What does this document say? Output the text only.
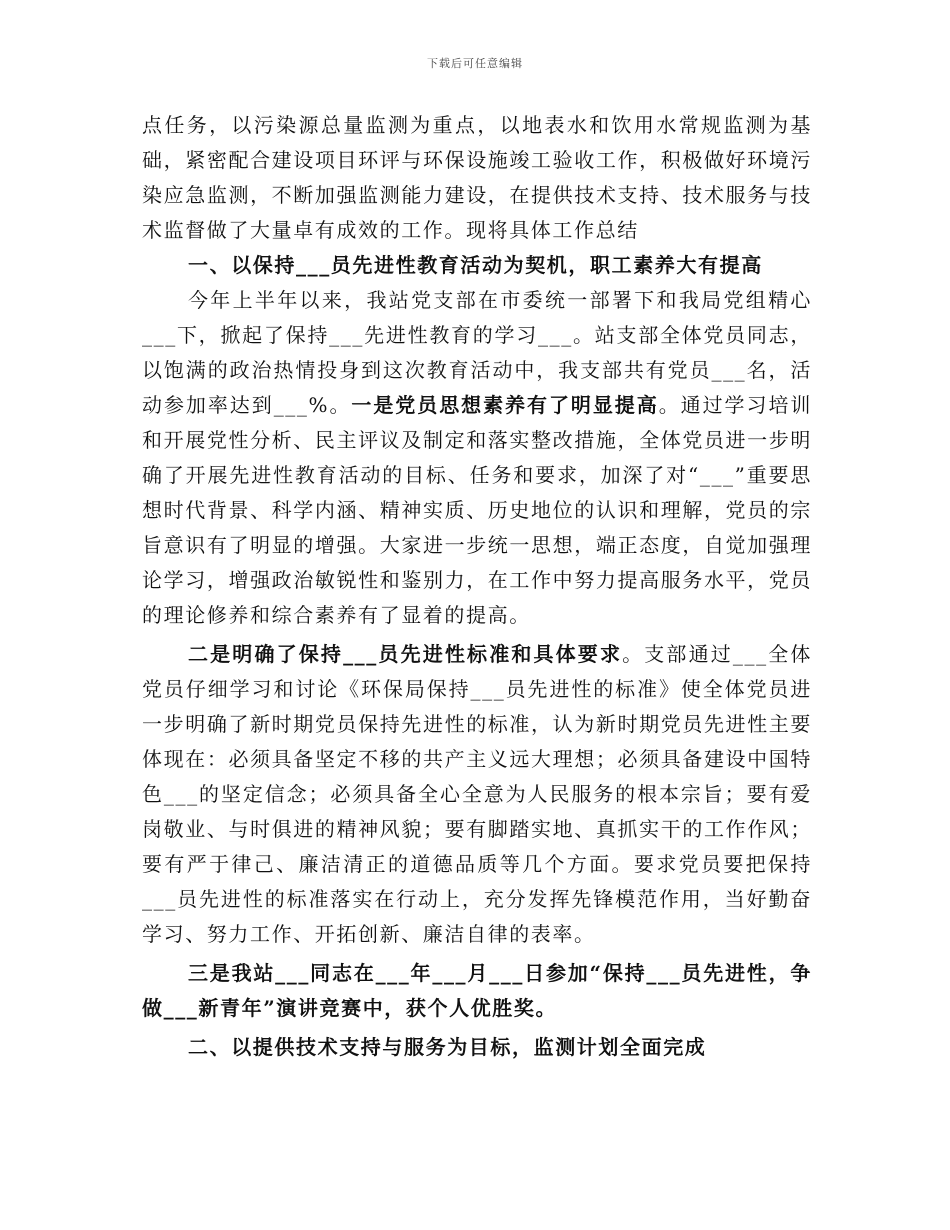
下载后可任意编辑

点任务，以污染源总量监测为重点，以地表水和饮用水常规监测为基础，紧密配合建设项目环评与环保设施竣工验收工作，积极做好环境污染应急监测，不断加强监测能力建设，在提供技术支持、技术服务与技术监督做了大量卓有成效的工作。现将具体工作总结

一、以保持___员先进性教育活动为契机，职工素养大有提高

今年上半年以来，我站党支部在市委统一部署下和我局党组精心___下，掀起了保持___先进性教育的学习___。站支部全体党员同志，以饱满的政治热情投身到这次教育活动中，我支部共有党员___名，活动参加率达到___%。一是党员思想素养有了明显提高。通过学习培训和开展党性分析、民主评议及制定和落实整改措施，全体党员进一步明确了开展先进性教育活动的目标、任务和要求，加深了对“___”重要思想时代背景、科学内涵、精神实质、历史地位的认识和理解，党员的宗旨意识有了明显的增强。大家进一步统一思想，端正态度，自觉加强理论学习，增强政治敏锐性和鉴别力，在工作中努力提高服务水平，党员的理论修养和综合素养有了显着的提高。

二是明确了保持___员先进性标准和具体要求。支部通过___全体党员仔细学习和讨论《环保局保持___员先进性的标准》使全体党员进一步明确了新时期党员保持先进性的标准，认为新时期党员先进性主要体现在：必须具备坚定不移的共产主义远大理想；必须具备建设中国特色___的坚定信念；必须具备全心全意为人民服务的根本宗旨；要有爱岗敬业、与时俱进的精神风貌；要有脚踏实地、真抓实干的工作作风；要有严于律己、廉洁清正的道德品质等几个方面。要求党员要把保持___员先进性的标准落实在行动上，充分发挥先锋模范作用，当好勤奋学习、努力工作、开拓创新、廉洁自律的表率。

三是我站___同志在___年___月___日参加“保持___员先进性，争做___新青年”演讲竞赛中，获个人优胜奖。

二、以提供技术支持与服务为目标，监测计划全面完成
